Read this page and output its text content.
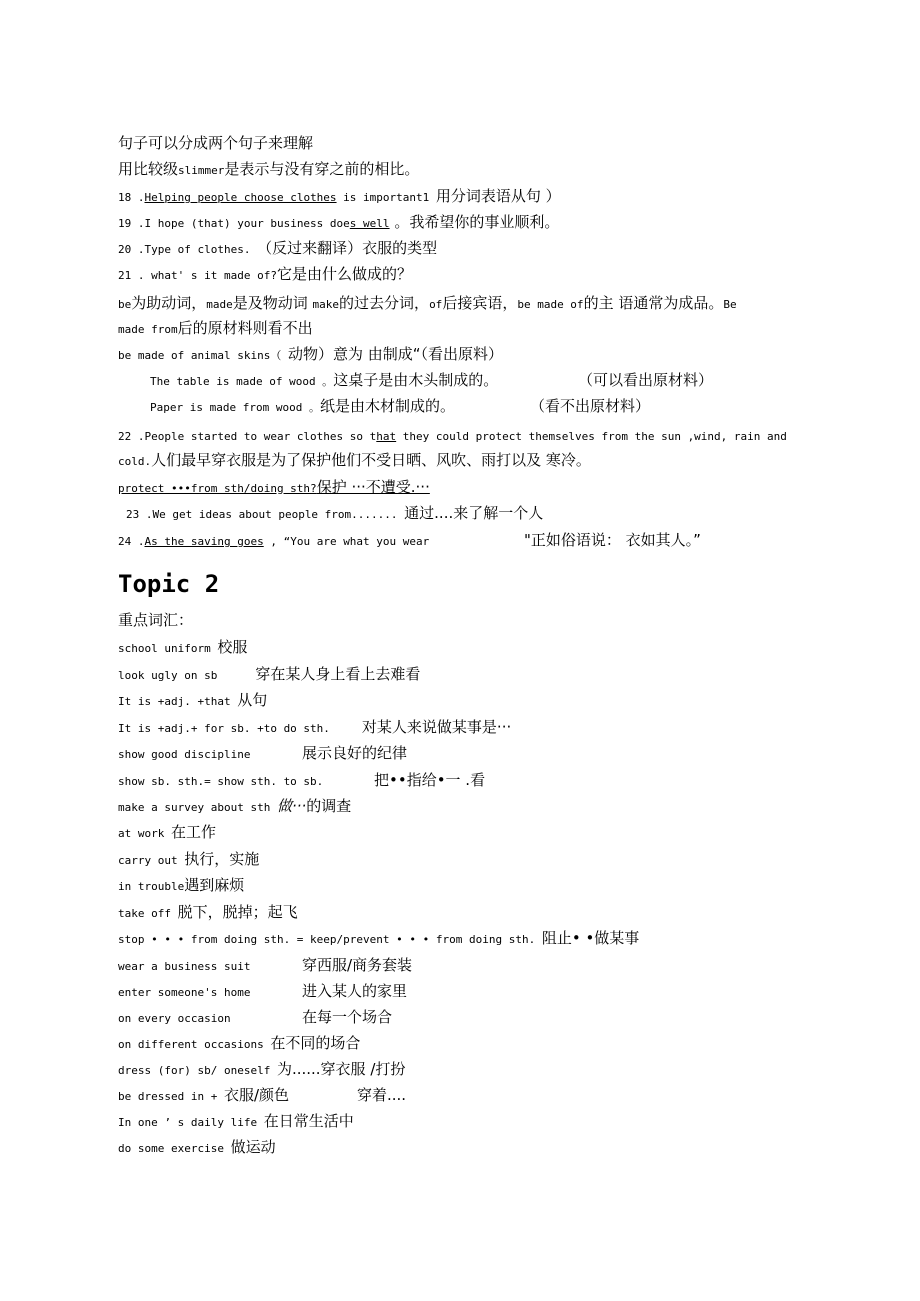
句子可以分成两个句子来理解
用比较级slimmer是表示与没有穿之前的相比。
18 .Helping people choose clothes is important1 用分词表语从句 ）
19 .I hope (that) your business does well 。我希望你的事业顺利。
20 .Type of clothes. （反过来翻译）衣服的类型
21 . what' s it made of?它是由什么做成的？
be为助动词，made是及物动词 make的过去分词，of后接宾语，be made of的主 语通常为成品。Be
made from后的原材料则看不出
be made of animal skins（ 动物）意为 由制成“（看出原料）
The table is made of wood 。这桌子是由木头制成的。	（可以看出原材料）
Paper is made from wood 。纸是由木材制成的。	（看不出原材料）
22 .People started to wear clothes so that they could protect themselves from the sun ,wind, rain and
cold.人们最早穿衣服是为了保护他们不受日晒、风吹、雨打以及 寒冷。
protect •••from sth/doing sth?保护 ···不遭受.···
23 .We get ideas about people from....... 通过....来了解一个人
24 .As the saving goes , “You are what you wear	"正如俗语说： 衣如其人。”
Topic 2
重点词汇：
school uniform 校服
look ugly on sb	穿在某人身上看上去难看
It is +adj. +that 从句
It is +adj.+ for sb. +to do sth. 对某人来说做某事是···
show good discipline	展示良好的纪律
show sb. sth.= show sth. to sb.	把••指给•一 .看
make a survey about sth 做···的调查
at work 在工作
carry out 执行，实施
in trouble遇到麻烦
take off 脱下，脱掉；起飞
stop • • • from doing sth. = keep/prevent • • • from doing sth. 阻止• •做某事
wear a business suit	穿西服/商务套装
enter someone's home	进入某人的家里
on every occasion	在每一个场合
on different occasions 在不同的场合
dress (for) sb/ oneself 为......穿衣服 /打扮
be dressed in + 衣服/颜色	穿着....
In one ’ s daily life 在日常生活中
do some exercise 做运动
